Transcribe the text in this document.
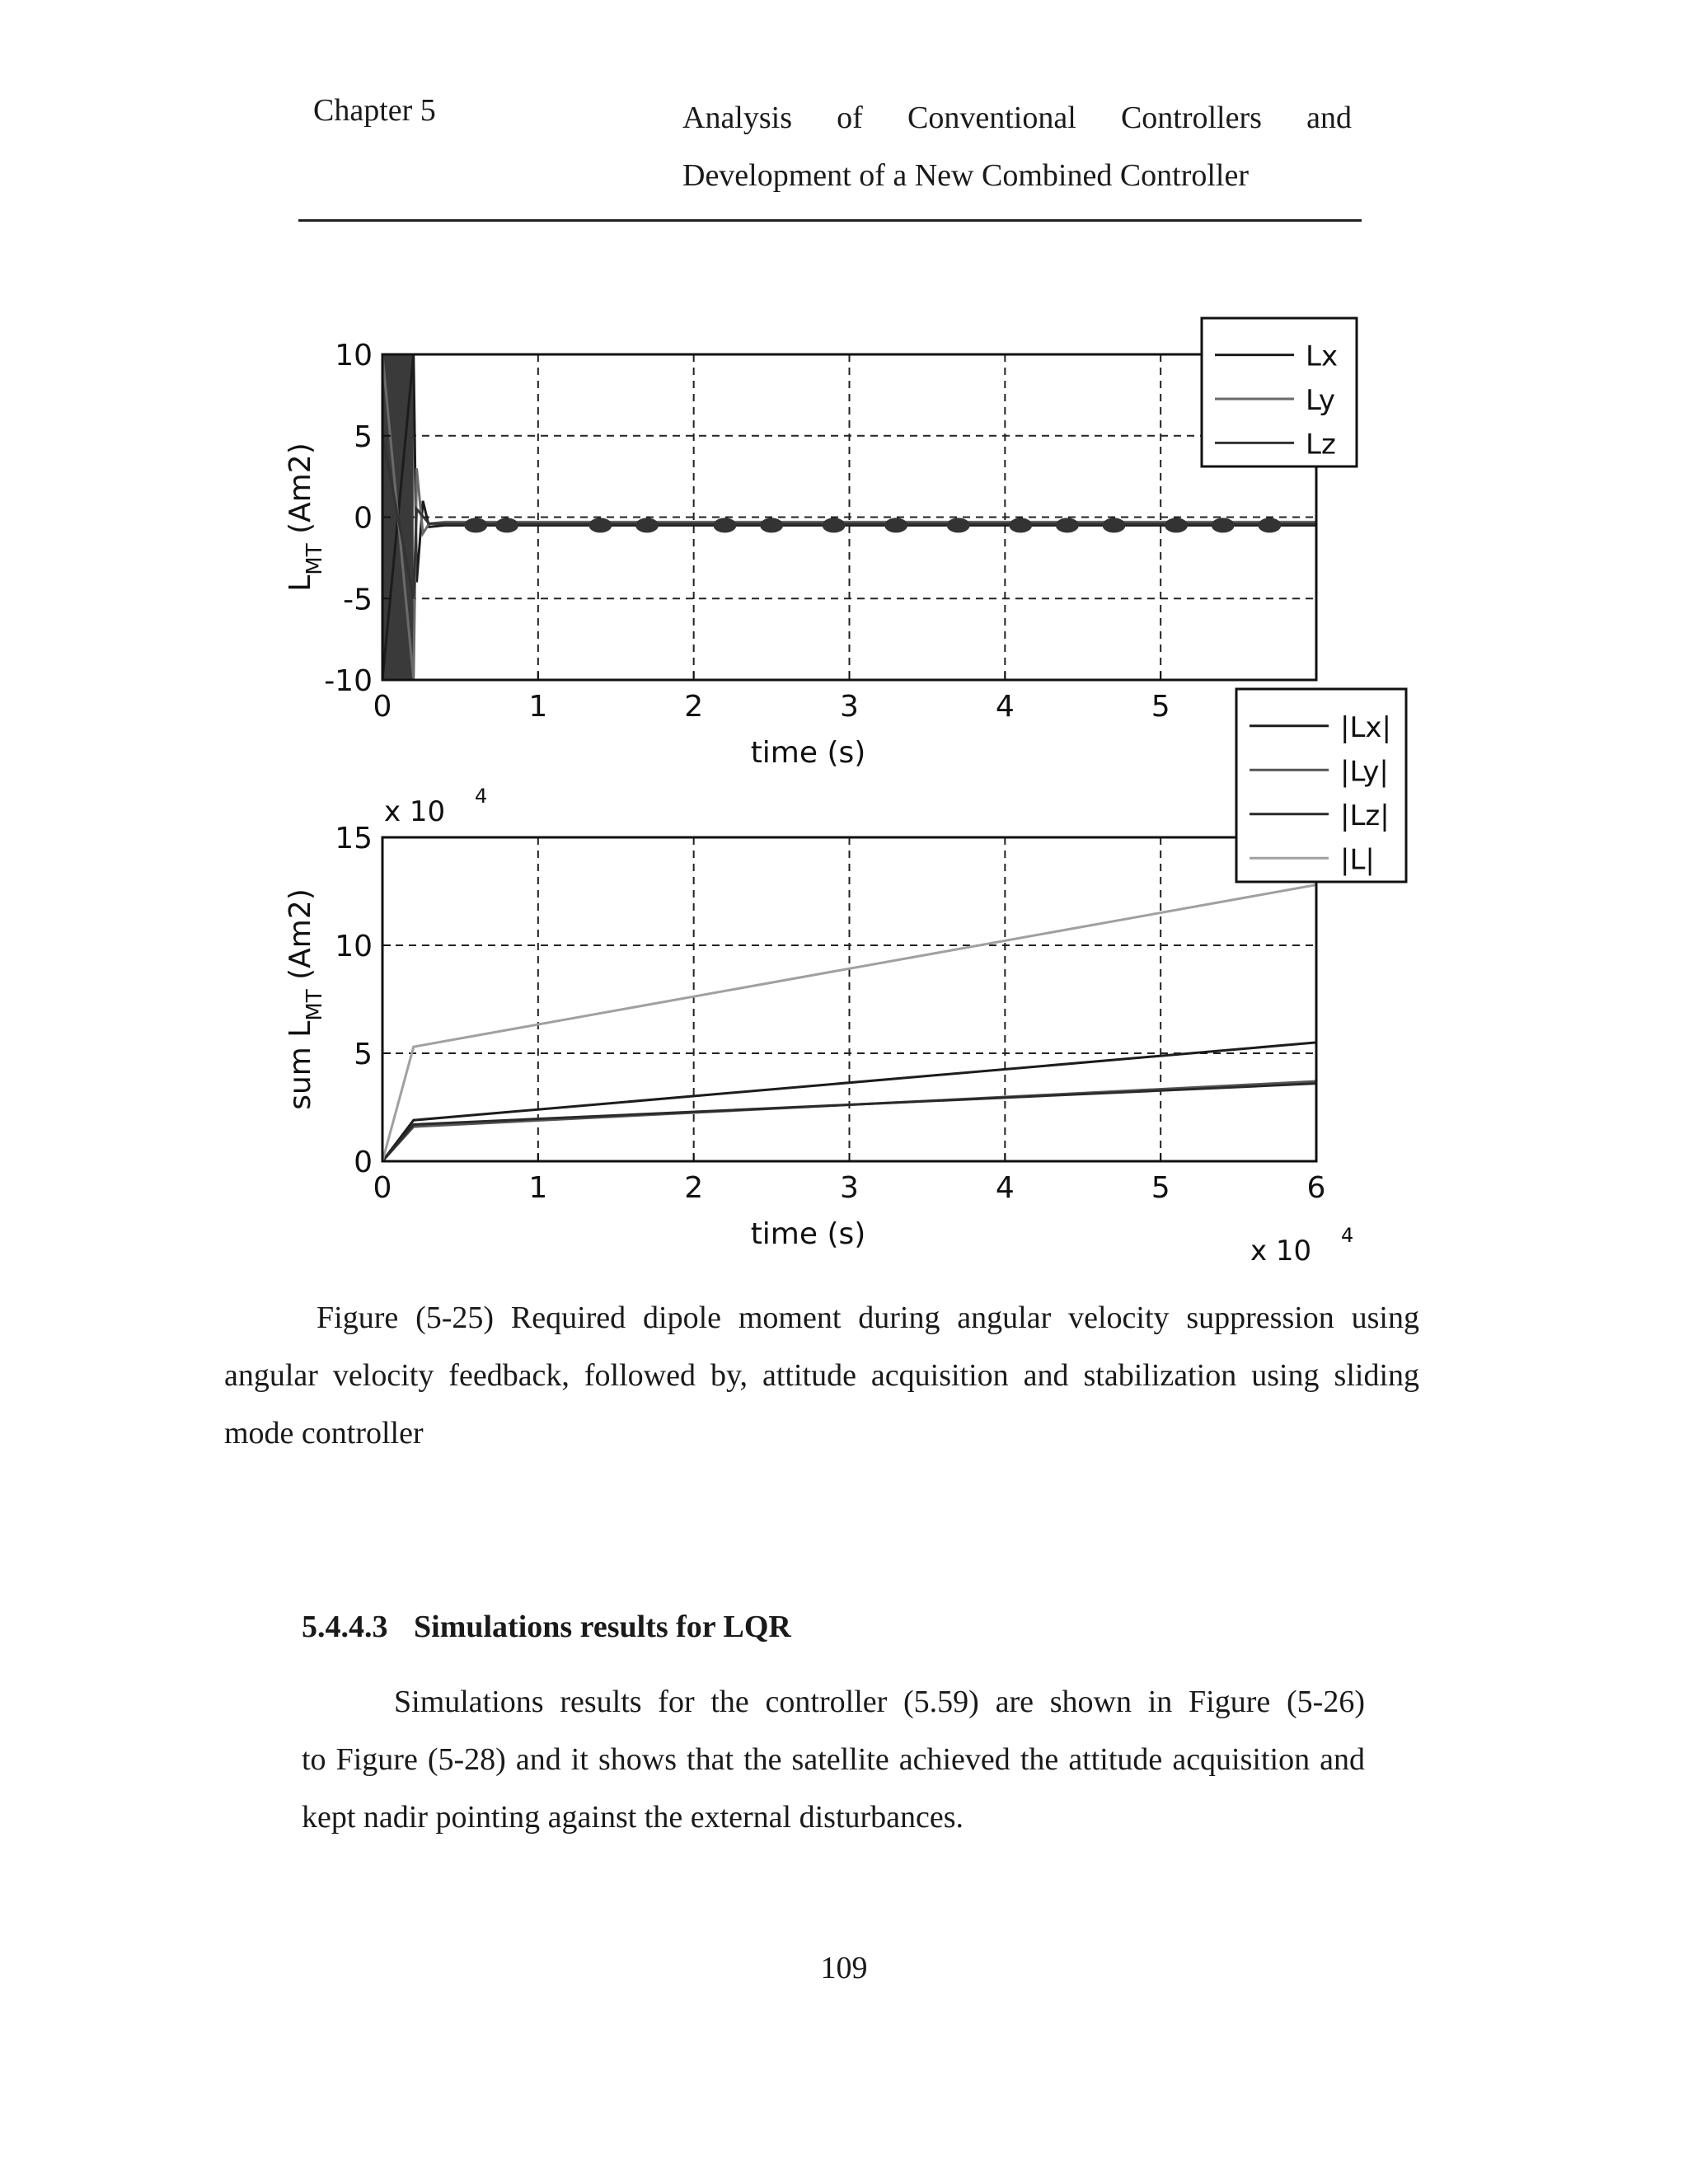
Chapter 5	Analysis of Conventional Controllers and
Development of a New Combined Controller
0	1	2	3	4	5
10
5
0
-5
-10
time (s)
$L_{MT}$ (Am2)
Lx
Ly
Lz
0	1	2	3	4	5	6
15
10
5
0
time (s)
sum $L_{MT}$ (Am2)
x 10 4
x 10 4
|Lx|
|Ly|
|Lz|
|L|
Figure (5-25) Required dipole moment during angular velocity suppression using
angular velocity feedback, followed by, attitude acquisition and stabilization using sliding mode controller
5.4.4.3 Simulations results for LQR
Simulations results for the controller (5.59) are shown in Figure (5-26)
to Figure (5-28) and it shows that the satellite achieved the attitude acquisition and kept nadir pointing against the external disturbances.
109
